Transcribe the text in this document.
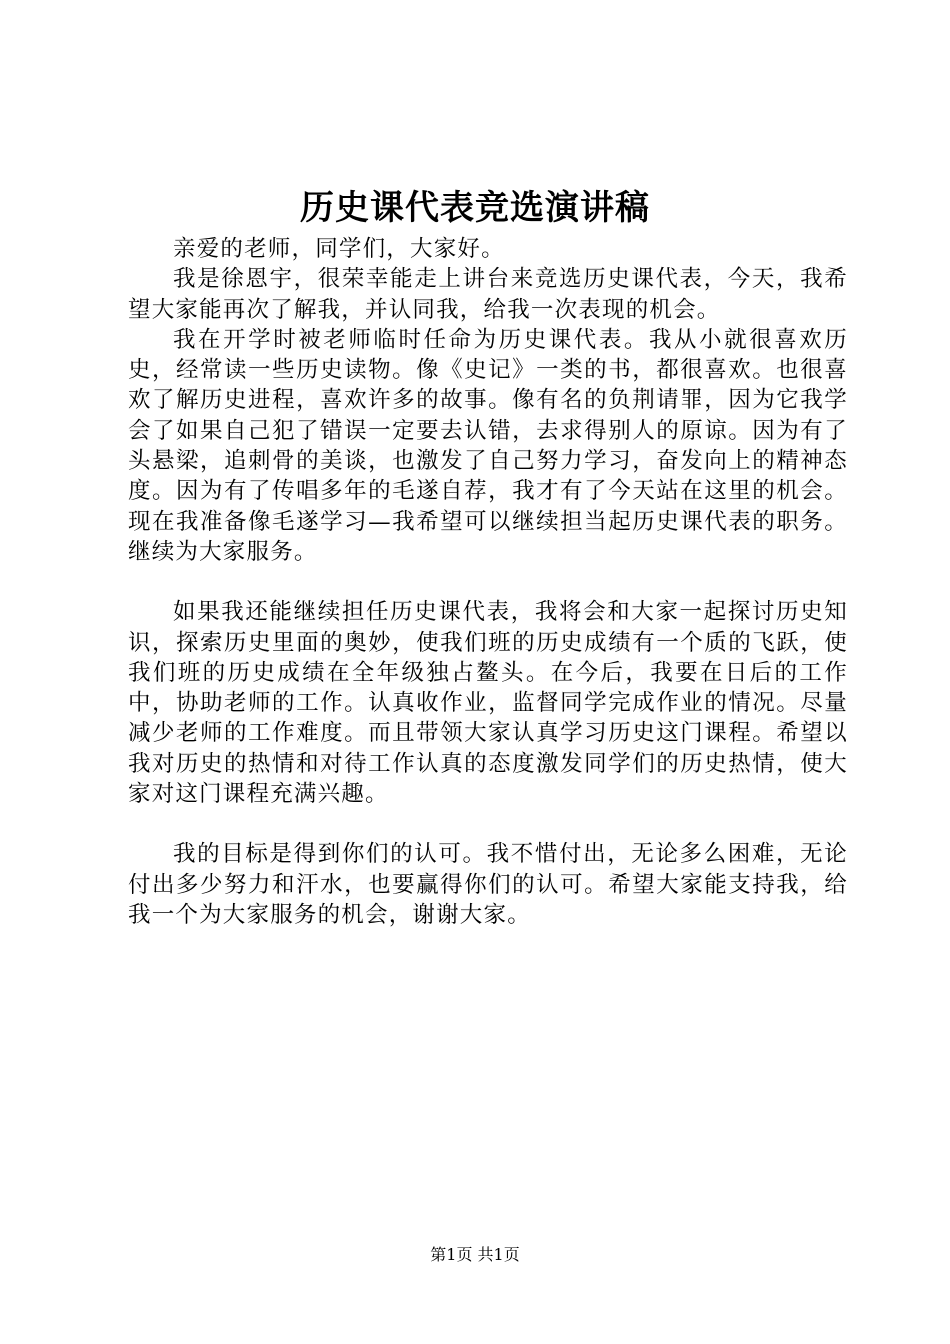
历史课代表竞选演讲稿

亲爱的老师，同学们，大家好。

我是徐恩宇，很荣幸能走上讲台来竞选历史课代表，今天，我希望大家能再次了解我，并认同我，给我一次表现的机会。

我在开学时被老师临时任命为历史课代表。我从小就很喜欢历史，经常读一些历史读物。像《史记》一类的书，都很喜欢。也很喜欢了解历史进程，喜欢许多的故事。像有名的负荆请罪，因为它我学会了如果自己犯了错误一定要去认错，去求得别人的原谅。因为有了头悬梁，追刺骨的美谈，也激发了自己努力学习，奋发向上的精神态度。因为有了传唱多年的毛遂自荐，我才有了今天站在这里的机会。现在我准备像毛遂学习—我希望可以继续担当起历史课代表的职务。继续为大家服务。

如果我还能继续担任历史课代表，我将会和大家一起探讨历史知识，探索历史里面的奥妙，使我们班的历史成绩有一个质的飞跃，使我们班的历史成绩在全年级独占鳌头。在今后，我要在日后的工作中，协助老师的工作。认真收作业，监督同学完成作业的情况。尽量减少老师的工作难度。而且带领大家认真学习历史这门课程。希望以我对历史的热情和对待工作认真的态度激发同学们的历史热情，使大家对这门课程充满兴趣。

我的目标是得到你们的认可。我不惜付出，无论多么困难，无论付出多少努力和汗水，也要赢得你们的认可。希望大家能支持我，给我一个为大家服务的机会，谢谢大家。

第1页 共1页
